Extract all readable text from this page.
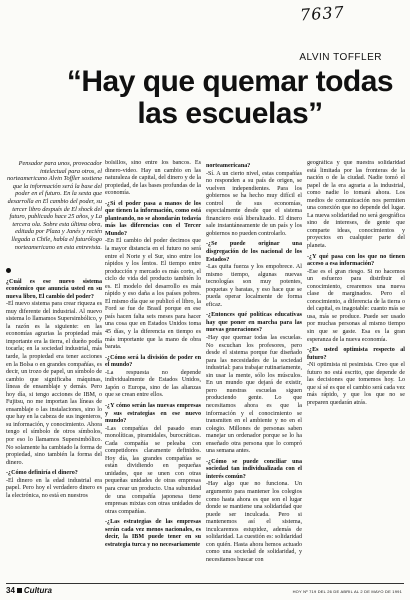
7637
ALVIN TOFFLER
“Hay que quemar todas las escuelas”
Pensador para unos, provocador intelectual para otros, el norteamericano Alvin Toffler sostiene que la información será la base del poder en el futuro. En la sexta que desarrolla en El cambio del poder, su tercer libro después de El shock del futuro, publicado hace 25 años, y La tercera ola. Sobre esta última obra, editada por Plaza y Janés y recién llegada a Chile, habla el futurólogo norteamericano en esta entrevista.
¿Cuál es ese nuevo sistema económico que anuncia usted en su nueva libro, El cambio del poder?
-El nuevo sistema para crear riqueza es muy diferente del industrial. Al nuevo sistema lo llamamos Supersimbólico, y la razón es la siguiente: en las economías agrarias la propiedad más importante era la tierra, el dueño podía tocarla; en la sociedad industrial, más tarde, la propiedad era tener acciones en la Bolsa o en grandes compañías, es decir, un trozo de papel, un símbolo de cambio que significaba máquinas, líneas de ensamblaje y demás. Pero hoy día, si tengo acciones de IBM, o Fujitsu, no me importan las líneas de ensamblaje o las instalaciones, sino lo que hay en la cabeza de sus ingenieros, su información, y conocimiento. Ahora tengo el símbolo de otros símbolos, por eso lo llamamos Supersimbólico. No solamente ha cambiado la forma de propiedad, sino también la forma del dinero.
-¿Cómo definiría el dinero?
-El dinero en la edad industrial era papel. Pero hoy el verdadero dinero es la electrónica, no está en nuestros
bolsillos, sino entre los bancos. Es dinero-video. Hay un cambio en las naturaleza de capital, del dinero y de la propiedad, de las bases profundas de la economía.
-¿Si el poder pasa a manos de los que tienen la información, como está planteando, no se ahondarán todavía más las diferencias con el Tercer Mundo?
-En El cambio del poder decimos que la mayor distancia en el futuro no será entre el Norte y el Sur, sino entre los rápidos y los lentos. El tiempo entre producción y mercado es más corto, el ciclo de vida del producto también lo es. El modelo del desarrollo es más rápido y eso daña a los países pobres. El mismo día que se publicó el libro, la Ford se fue de Brasil porque en ese país hacen falta seis meses para hacer una cosa que en Estados Unidos toma 45 días, y la diferencia en tiempo es más importante que la mano de obra barata.
-¿Cómo será la división de poder en el mundo?
-La respuesta no depende individualmente de Estados Unidos, Japón o Europa, sino de las alianzas que se crean entre ellos.
-¿Y cómo serán las nuevas empresas y sus estrategias en ese nuevo mundo?
-Las compañías del pasado eran monolíticas, piramidales, burocráticas. Cada compañía se peleaba con competidores claramente definidos. Hoy día, las grandes compañías se están dividiendo en pequeñas unidades, que se unen con otras pequeñas unidades de otras empresas para crear un producto. Una subunidad de una compañía japonesa tiene empresas mixtas con otras unidades de otras compañías.
-¿Las estrategias de las empresas serán cada vez menos nacionales, es decir, la IBM puede tener en su estrategia turca y no necesariamente
norteamericana?
-Sí. A un cierto nivel, estas compañías no responden a su país de origen, se vuelven independientes. Para los gobiernos se ha hecho muy difícil el control de sus economías, especialmente desde que el sistema financiero está liberalizado. El dinero sale instantáneamente de un país y los gobiernos no pueden controlarlo.
-¿Se puede originar una disgregación de los nacional de los Estados?
-Las quita fuerza y los empobrece. Al mismo tiempo, algunas nuevas tecnologías son muy potentes, poquetas y baratas, y eso hace que se pueda operar localmente de forma eficaz.
-¿Entonces qué políticas educativas hay que poner en marcha para las nuevas generaciones?
-Hay que quemar todas las escuelas. No escuchan los profesores, pero desde el sistema porque fue diseñado para las necesidades de la sociedad industrial: para trabajar rutinariamente, sin usar la mente, sólo los músculos. En un mundo que dejará de existir, pero nuestras escuelas siguen produciendo gente. Lo que necesitamos ahora es que la información y el conocimiento se transmiten en el ambiente y no en el colegio. Millones de personas saben manejar un ordenador porque se lo ha enseñado otra persona que lo compró una semana antes.
-¿Cómo se puede conciliar una sociedad tan individualizada con el interés común?
-Hay algo que no funciona. Un argumento para mantener los colegios como hasta ahora es que son el lugar donde se mantiene una solidaridad que puede ser inculcada. Pero si mantenemos así el sistema, inculcaremos estupidez, además de solidaridad. La cuestión es: solidaridad con quién. Hasta ahora hemos actuado como una sociedad de solidaridad, y necesitamos buscar con
geográfica y que nuestra solidaridad está limitada por las fronteras de la nación o de la ciudad. Nadie tomó el papel de la era agraria a la industrial, como nadie lo tomará ahora. Los medios de comunicación nos permiten una conexión que no depende del lugar. La nueva solidaridad no será geográfica sino de intereses, de gente que comparte ideas, conocimientos y proyectos en cualquier parte del planeta.
-¿Y qué pasa con los que no tienen acceso a esa información?
-Ese es el gran riesgo. Si no hacemos un esfuerzo para distribuir el conocimiento, crearemos una nueva clase de marginados. Pero el conocimiento, a diferencia de la tierra o del capital, es inagotable: cuanto más se usa, más se produce. Puede ser usado por muchas personas al mismo tiempo sin que se gaste. Esa es la gran esperanza de la nueva economía.
-¿Es usted optimista respecto al futuro?
-Ni optimista ni pesimista. Creo que el futuro no está escrito, que depende de las decisiones que tomemos hoy. Lo que sí sé es que el cambio será cada vez más rápido, y que los que no se preparen quedarán atrás.
34 Cultura	HOY Nº 719 DEL 26 DE ABRIL AL 2 DE MAYO DE 1991
